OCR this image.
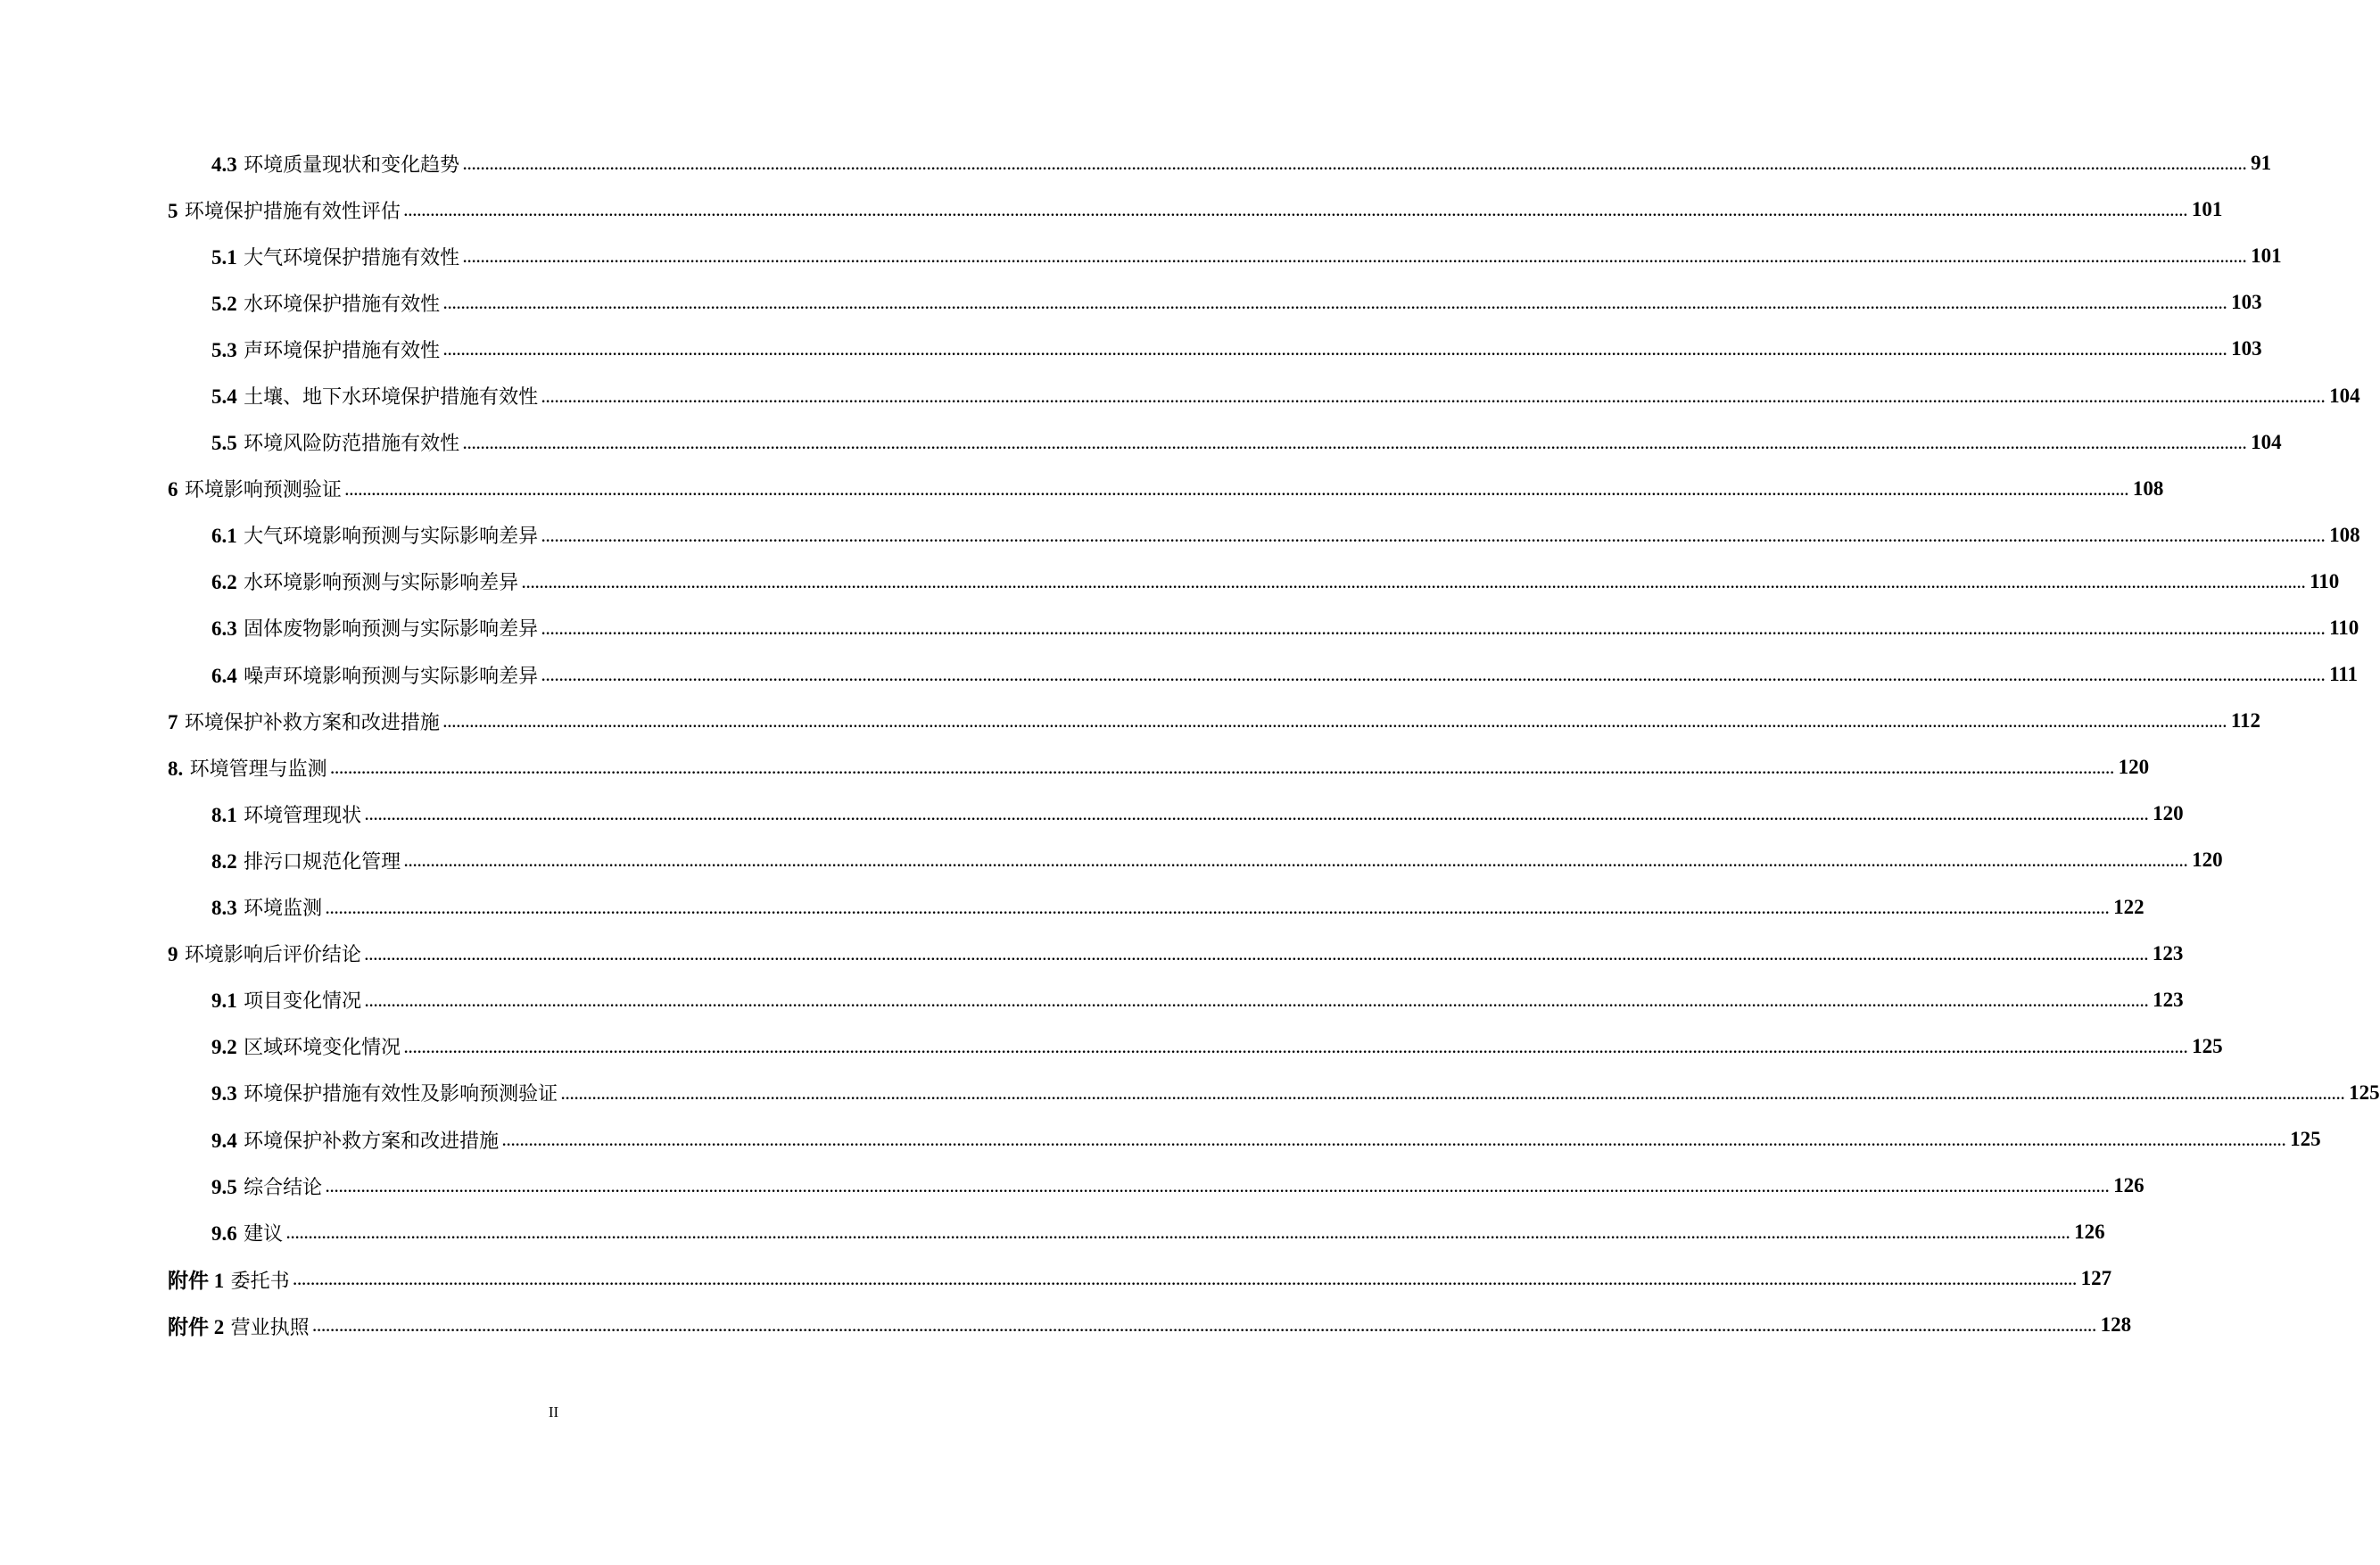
4.3 环境质量现状和变化趋势 ................................................................................................................................................................................................................................................................................................................................................................................................................ 91
5 环境保护措施有效性评估 ................................................................................................................................................................................................................................................................................................................................................................................................................ 101
5.1 大气环境保护措施有效性 ................................................................................................................................................................................................................................................................................................................................................................................................................ 101
5.2 水环境保护措施有效性 ................................................................................................................................................................................................................................................................................................................................................................................................................ 103
5.3 声环境保护措施有效性 ................................................................................................................................................................................................................................................................................................................................................................................................................ 103
5.4 土壤、地下水环境保护措施有效性 ................................................................................................................................................................................................................................................................................................................................................................................................................ 104
5.5 环境风险防范措施有效性 ................................................................................................................................................................................................................................................................................................................................................................................................................ 104
6 环境影响预测验证 ................................................................................................................................................................................................................................................................................................................................................................................................................ 108
6.1 大气环境影响预测与实际影响差异 ................................................................................................................................................................................................................................................................................................................................................................................................................ 108
6.2 水环境影响预测与实际影响差异 ................................................................................................................................................................................................................................................................................................................................................................................................................ 110
6.3 固体废物影响预测与实际影响差异 ................................................................................................................................................................................................................................................................................................................................................................................................................ 110
6.4 噪声环境影响预测与实际影响差异 ................................................................................................................................................................................................................................................................................................................................................................................................................ 111
7 环境保护补救方案和改进措施 ................................................................................................................................................................................................................................................................................................................................................................................................................ 112
8. 环境管理与监测 ................................................................................................................................................................................................................................................................................................................................................................................................................ 120
8.1 环境管理现状 ................................................................................................................................................................................................................................................................................................................................................................................................................ 120
8.2 排污口规范化管理 ................................................................................................................................................................................................................................................................................................................................................................................................................ 120
8.3 环境监测 ................................................................................................................................................................................................................................................................................................................................................................................................................ 122
9 环境影响后评价结论 ................................................................................................................................................................................................................................................................................................................................................................................................................ 123
9.1 项目变化情况 ................................................................................................................................................................................................................................................................................................................................................................................................................ 123
9.2 区域环境变化情况 ................................................................................................................................................................................................................................................................................................................................................................................................................ 125
9.3 环境保护措施有效性及影响预测验证 ................................................................................................................................................................................................................................................................................................................................................................................................................ 125
9.4 环境保护补救方案和改进措施 ................................................................................................................................................................................................................................................................................................................................................................................................................ 125
9.5 综合结论 ................................................................................................................................................................................................................................................................................................................................................................................................................ 126
9.6 建议 ................................................................................................................................................................................................................................................................................................................................................................................................................ 126
附件 1 委托书 ................................................................................................................................................................................................................................................................................................................................................................................................................ 127
附件 2 营业执照 ................................................................................................................................................................................................................................................................................................................................................................................................................ 128
II
